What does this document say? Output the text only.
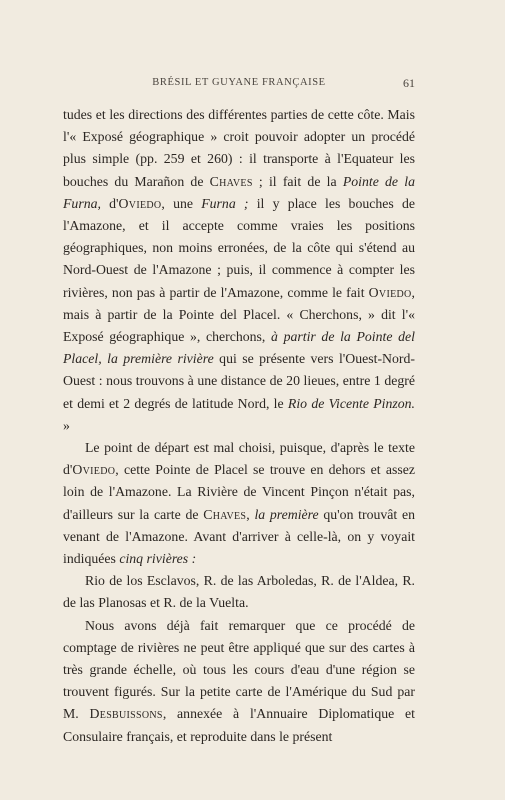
BRÉSIL ET GUYANE FRANÇAISE	61

tudes et les directions des différentes parties de cette côte. Mais l'« Exposé géographique » croit pouvoir adopter un procédé plus simple (pp. 259 et 260) : il transporte à l'Equateur les bouches du Marañon de Chaves ; il fait de la Pointe de la Furna, d'Oviedo, une Furna ; il y place les bouches de l'Amazone, et il accepte comme vraies les positions géographiques, non moins erronées, de la côte qui s'étend au Nord-Ouest de l'Amazone ; puis, il commence à compter les rivières, non pas à partir de l'Amazone, comme le fait Oviedo, mais à partir de la Pointe del Placel. « Cherchons, » dit l'« Exposé géographique », cherchons, à partir de la Pointe del Placel, la première rivière qui se présente vers l'Ouest-Nord-Ouest : nous trouvons à une distance de 20 lieues, entre 1 degré et demi et 2 degrés de latitude Nord, le Rio de Vicente Pinzon. »

Le point de départ est mal choisi, puisque, d'après le texte d'Oviedo, cette Pointe de Placel se trouve en dehors et assez loin de l'Amazone. La Rivière de Vincent Pinçon n'était pas, d'ailleurs sur la carte de Chaves, la première qu'on trouvât en venant de l'Amazone. Avant d'arriver à celle-là, on y voyait indiquées cinq rivières :

Rio de los Esclavos, R. de las Arboledas, R. de l'Aldea, R. de las Planosas et R. de la Vuelta.

Nous avons déjà fait remarquer que ce procédé de comptage de rivières ne peut être appliqué que sur des cartes à très grande échelle, où tous les cours d'eau d'une région se trouvent figurés. Sur la petite carte de l'Amérique du Sud par M. Desbuissons, annexée à l'Annuaire Diplomatique et Consulaire français, et reproduite dans le présent
